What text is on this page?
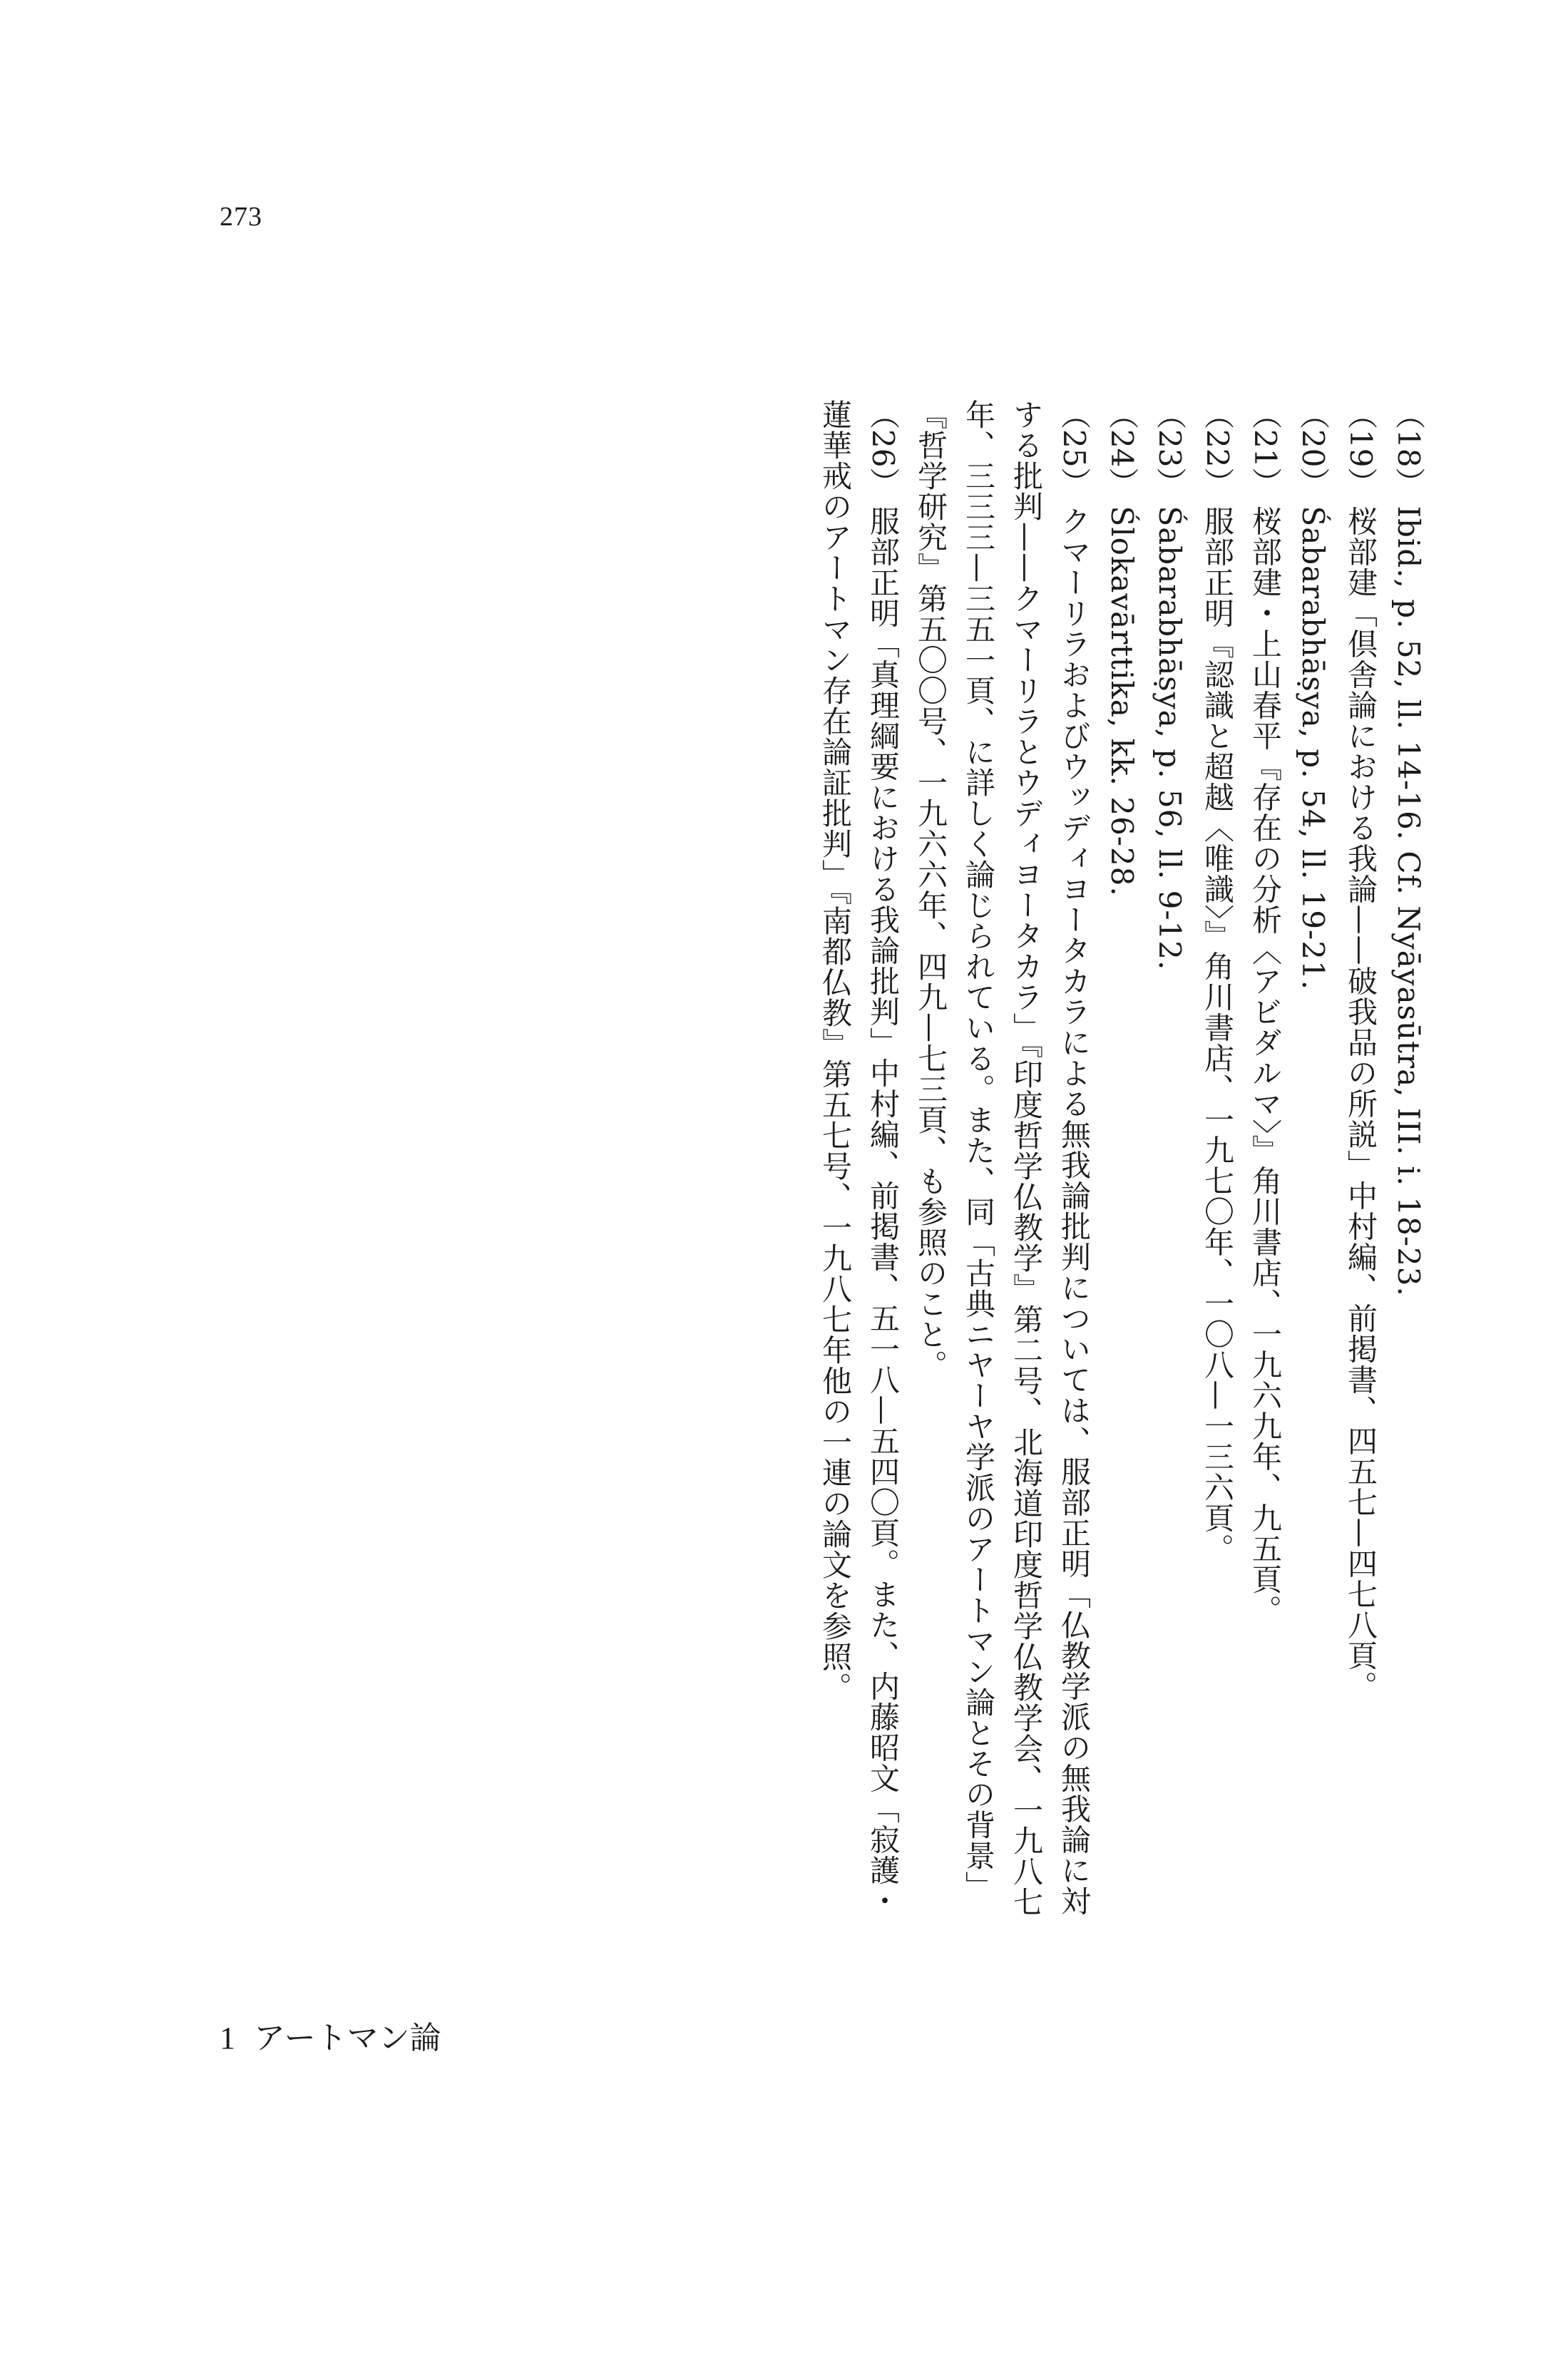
273
（18）Ibid., p. 52, ll. 14-16. Cf. Nyāyasūtra, III. i. 18-23.
（19）桜部建「倶舎論における我論——破我品の所説」中村編、前掲書、四五七—四七八頁。
（20）Śabarabhāṣya, p. 54, ll. 19-21.
（21）桜部建・上山春平『存在の分析〈アビダルマ〉』角川書店、一九六九年、九五頁。
（22）服部正明『認識と超越〈唯識〉』角川書店、一九七〇年、一〇八—一三六頁。
（23）Śabarabhāṣya, p. 56, ll. 9-12.
（24）Ślokavārttika, kk. 26-28.
（25）クマーリラおよびウッディヨータカラによる無我論批判については、服部正明「仏教学派の無我論に対する批判——クマーリラとウディヨータカラ」『印度哲学仏教学』第二号、北海道印度哲学仏教学会、一九八七年、三三三—三五一頁、に詳しく論じられている。また、同「古典ニヤーヤ学派のアートマン論とその背景」『哲学研究』第五〇〇号、一九六六年、四九—七三頁、も参照のこと。
（26）服部正明「真理綱要における我論批判」中村編、前掲書、五一八—五四〇頁。また、内藤昭文「寂護・蓮華戒のアートマン存在論証批判」『南都仏教』第五七号、一九八七年他の一連の論文を参照。
1 アートマン論
